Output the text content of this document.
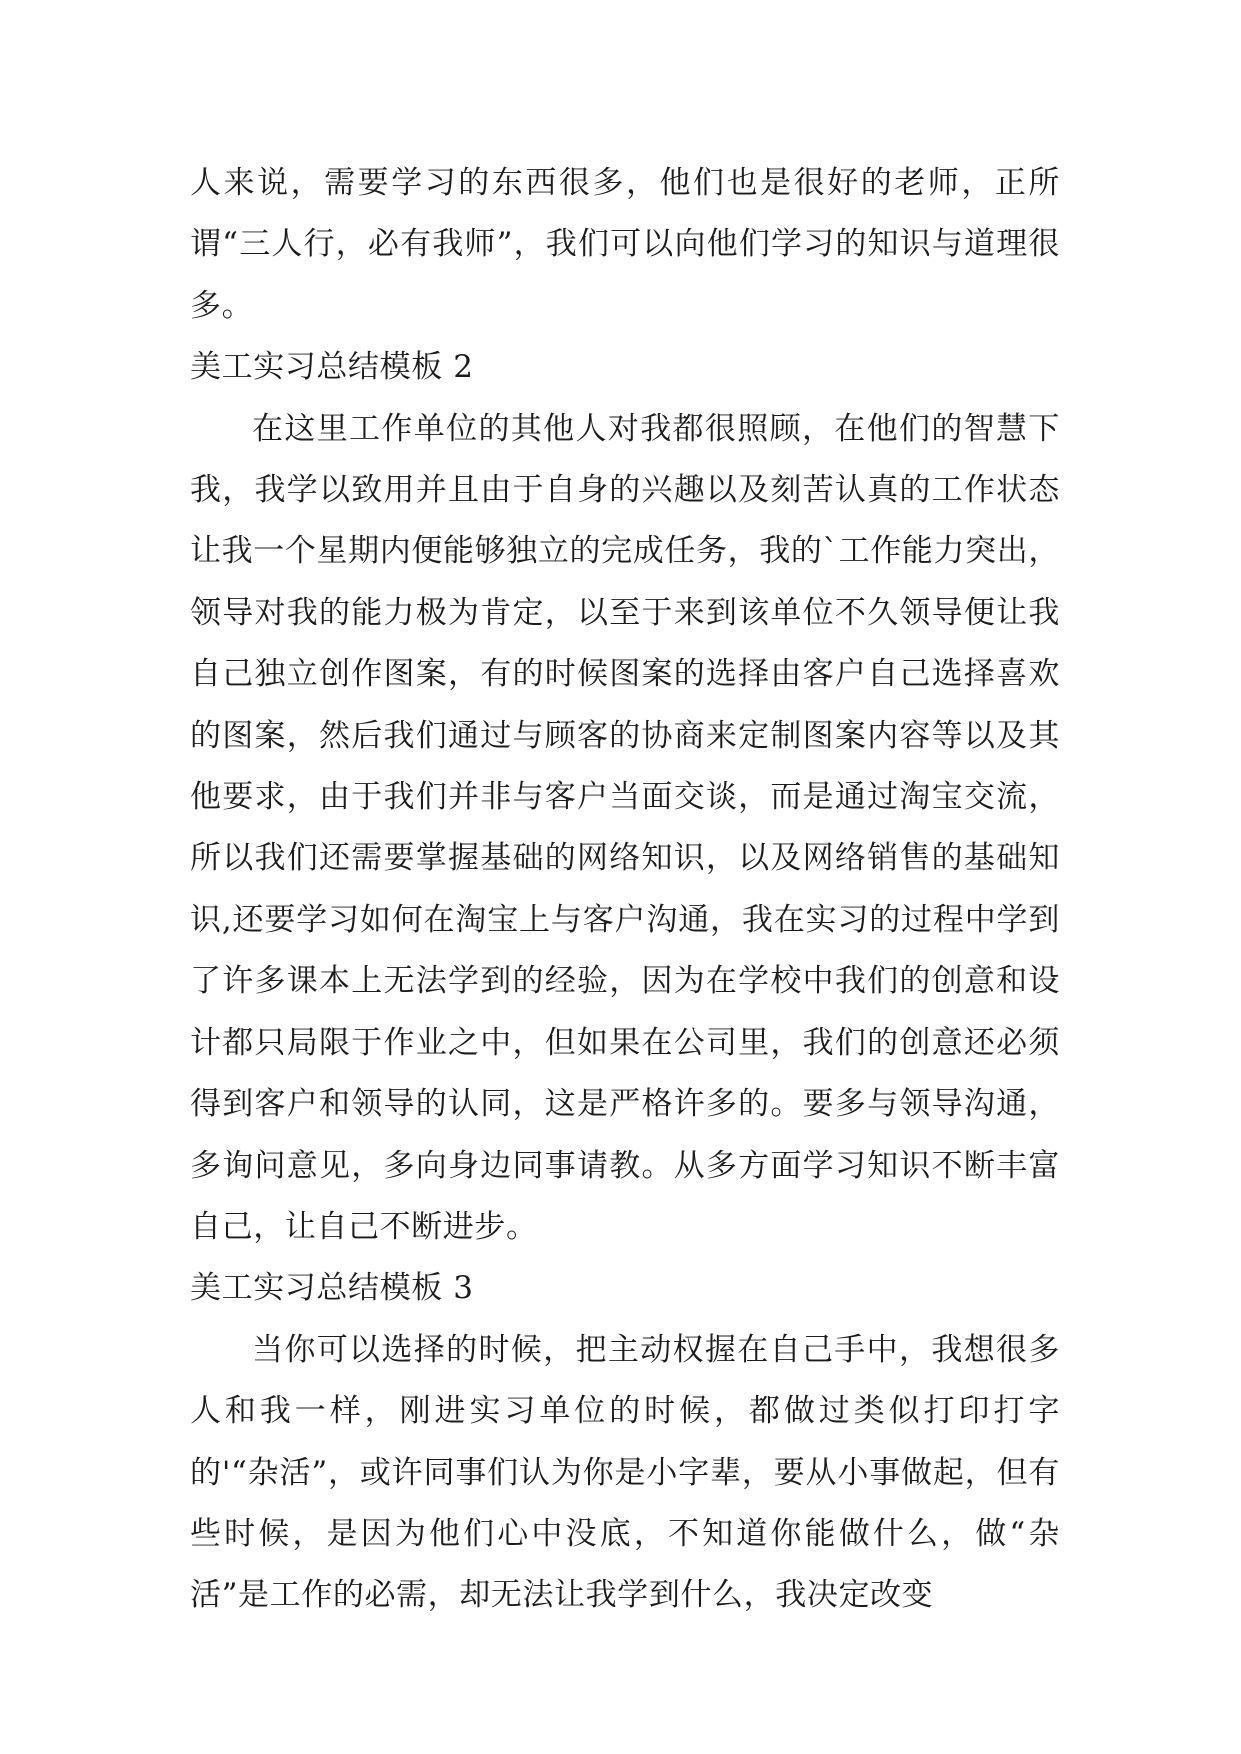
人来说，需要学习的东西很多，他们也是很好的老师，正所谓“三人行，必有我师”，我们可以向他们学习的知识与道理很多。

美工实习总结模板 2

在这里工作单位的其他人对我都很照顾，在他们的智慧下我，我学以致用并且由于自身的兴趣以及刻苦认真的工作状态让我一个星期内便能够独立的完成任务，我的`工作能力突出，领导对我的能力极为肯定，以至于来到该单位不久领导便让我自己独立创作图案，有的时候图案的选择由客户自己选择喜欢的图案，然后我们通过与顾客的协商来定制图案内容等以及其他要求，由于我们并非与客户当面交谈，而是通过淘宝交流，所以我们还需要掌握基础的网络知识，以及网络销售的基础知识,还要学习如何在淘宝上与客户沟通，我在实习的过程中学到了许多课本上无法学到的经验，因为在学校中我们的创意和设计都只局限于作业之中，但如果在公司里，我们的创意还必须得到客户和领导的认同，这是严格许多的。要多与领导沟通，多询问意见，多向身边同事请教。从多方面学习知识不断丰富自己，让自己不断进步。

美工实习总结模板 3

当你可以选择的时候，把主动权握在自己手中，我想很多人和我一样，刚进实习单位的时候，都做过类似打印打字的'“杂活”，或许同事们认为你是小字辈，要从小事做起，但有些时候，是因为他们心中没底，不知道你能做什么，做“杂活”是工作的必需，却无法让我学到什么，我决定改变
